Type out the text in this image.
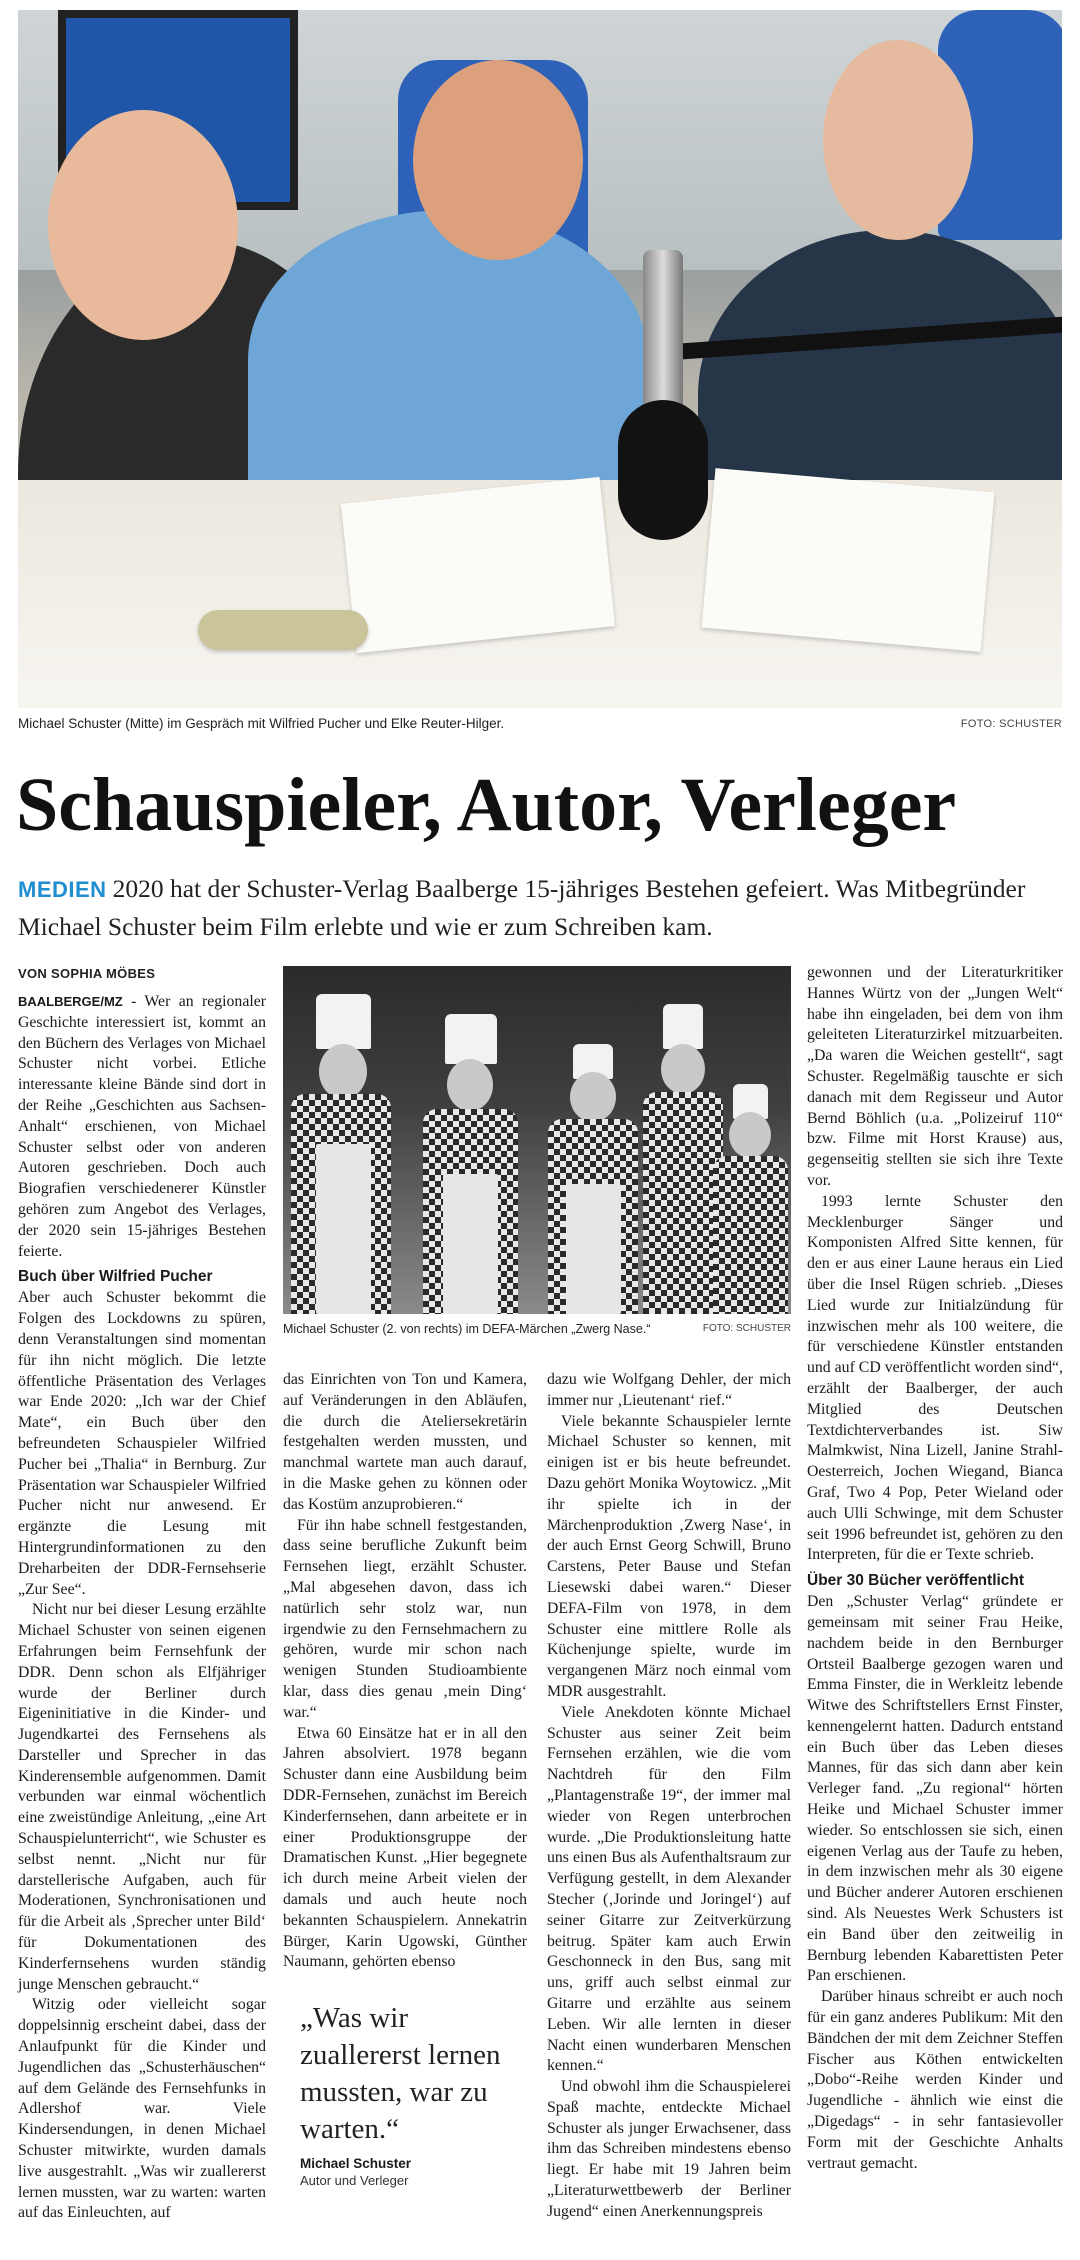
Michael Schuster (Mitte) im Gespräch mit Wilfried Pucher und Elke Reuter-Hilger.	FOTO: SCHUSTER
Schauspieler, Autor, Verleger
MEDIEN 2020 hat der Schuster-Verlag Baalberge 15-jähriges Bestehen gefeiert. Was Mitbegründer Michael Schuster beim Film erlebte und wie er zum Schreiben kam.
VON SOPHIA MÖBES

BAALBERGE/MZ - Wer an regionaler Geschichte interessiert ist, kommt an den Büchern des Verlages von Michael Schuster nicht vorbei. Etliche interessante kleine Bände sind dort in der Reihe „Geschichten aus Sachsen-Anhalt“ erschienen, von Michael Schuster selbst oder von anderen Autoren geschrieben. Doch auch Biografien verschiedenerer Künstler gehören zum Angebot des Verlages, der 2020 sein 15-jähriges Bestehen feierte.

Buch über Wilfried Pucher

Aber auch Schuster bekommt die Folgen des Lockdowns zu spüren, denn Veranstaltungen sind momentan für ihn nicht möglich. Die letzte öffentliche Präsentation des Verlages war Ende 2020: „Ich war der Chief Mate“, ein Buch über den befreundeten Schauspieler Wilfried Pucher bei „Thalia“ in Bernburg. Zur Präsentation war Schauspieler Wilfried Pucher nicht nur anwesend. Er ergänzte die Lesung mit Hintergrundinformationen zu den Dreharbeiten der DDR-Fernsehserie „Zur See“.

Nicht nur bei dieser Lesung erzählte Michael Schuster von seinen eigenen Erfahrungen beim Fernsehfunk der DDR. Denn schon als Elfjähriger wurde der Berliner durch Eigeninitiative in die Kinder- und Jugendkartei des Fernsehens als Darsteller und Sprecher in das Kinderensemble aufgenommen. Damit verbunden war einmal wöchentlich eine zweistündige Anleitung, „eine Art Schauspielunterricht“, wie Schuster es selbst nennt. „Nicht nur für darstellerische Aufgaben, auch für Moderationen, Synchronisationen und für die Arbeit als ‚Sprecher unter Bild‘ für Dokumentationen des Kinderfernsehens wurden ständig junge Menschen gebraucht.“

Witzig oder vielleicht sogar doppelsinnig erscheint dabei, dass der Anlaufpunkt für die Kinder und Jugendlichen das „Schusterhäuschen“ auf dem Gelände des Fernsehfunks in Adlershof war. Viele Kindersendungen, in denen Michael Schuster mitwirkte, wurden damals live ausgestrahlt. „Was wir zuallererst lernen mussten, war zu warten: warten auf das Einleuchten, auf

Michael Schuster (2. von rechts) im DEFA-Märchen „Zwerg Nase.“	FOTO: SCHUSTER

das Einrichten von Ton und Kamera, auf Veränderungen in den Abläufen, die durch die Ateliersekretärin festgehalten werden mussten, und manchmal wartete man auch darauf, in die Maske gehen zu können oder das Kostüm anzuprobieren.“

Für ihn habe schnell festgestanden, dass seine berufliche Zukunft beim Fernsehen liegt, erzählt Schuster. „Mal abgesehen davon, dass ich natürlich sehr stolz war, nun irgendwie zu den Fernsehmachern zu gehören, wurde mir schon nach wenigen Stunden Studioambiente klar, dass dies genau ‚mein Ding‘ war.“

Etwa 60 Einsätze hat er in all den Jahren absolviert. 1978 begann Schuster dann eine Ausbildung beim DDR-Fernsehen, zunächst im Bereich Kinderfernsehen, dann arbeitete er in einer Produktionsgruppe der Dramatischen Kunst. „Hier begegnete ich durch meine Arbeit vielen der damals und auch heute noch bekannten Schauspielern. Annekatrin Bürger, Karin Ugowski, Günther Naumann, gehörten ebenso

„Was wir zuallererst lernen mussten, war zu warten.“
Michael Schuster
Autor und Verleger

dazu wie Wolfgang Dehler, der mich immer nur ‚Lieutenant‘ rief.“

Viele bekannte Schauspieler lernte Michael Schuster so kennen, mit einigen ist er bis heute befreundet. Dazu gehört Monika Woytowicz. „Mit ihr spielte ich in der Märchenproduktion ‚Zwerg Nase‘, in der auch Ernst Georg Schwill, Bruno Carstens, Peter Bause und Stefan Liesewski dabei waren.“ Dieser DEFA-Film von 1978, in dem Schuster eine mittlere Rolle als Küchenjunge spielte, wurde im vergangenen März noch einmal vom MDR ausgestrahlt.

Viele Anekdoten könnte Michael Schuster aus seiner Zeit beim Fernsehen erzählen, wie die vom Nachtdreh für den Film „Plantagenstraße 19“, der immer mal wieder von Regen unterbrochen wurde. „Die Produktionsleitung hatte uns einen Bus als Aufenthaltsraum zur Verfügung gestellt, in dem Alexander Stecher (‚Jorinde und Joringel‘) auf seiner Gitarre zur Zeitverkürzung beitrug. Später kam auch Erwin Geschonneck in den Bus, sang mit uns, griff auch selbst einmal zur Gitarre und erzählte aus seinem Leben. Wir alle lernten in dieser Nacht einen wunderbaren Menschen kennen.“

Und obwohl ihm die Schauspielerei Spaß machte, entdeckte Michael Schuster als junger Erwachsener, dass ihm das Schreiben mindestens ebenso liegt. Er habe mit 19 Jahren beim „Literaturwettbewerb der Berliner Jugend“ einen Anerkennungspreis

gewonnen und der Literaturkritiker Hannes Würtz von der „Jungen Welt“ habe ihn eingeladen, bei dem von ihm geleiteten Literaturzirkel mitzuarbeiten. „Da waren die Weichen gestellt“, sagt Schuster. Regelmäßig tauschte er sich danach mit dem Regisseur und Autor Bernd Böhlich (u.a. „Polizeiruf 110“ bzw. Filme mit Horst Krause) aus, gegenseitig stellten sie sich ihre Texte vor.

1993 lernte Schuster den Mecklenburger Sänger und Komponisten Alfred Sitte kennen, für den er aus einer Laune heraus ein Lied über die Insel Rügen schrieb. „Dieses Lied wurde zur Initialzündung für inzwischen mehr als 100 weitere, die für verschiedene Künstler entstanden und auf CD veröffentlicht worden sind“, erzählt der Baalberger, der auch Mitglied des Deutschen Textdichterverbandes ist. Siw Malmkwist, Nina Lizell, Janine Strahl-Oesterreich, Jochen Wiegand, Bianca Graf, Two 4 Pop, Peter Wieland oder auch Ulli Schwinge, mit dem Schuster seit 1996 befreundet ist, gehören zu den Interpreten, für die er Texte schrieb.

Über 30 Bücher veröffentlicht

Den „Schuster Verlag“ gründete er gemeinsam mit seiner Frau Heike, nachdem beide in den Bernburger Ortsteil Baalberge gezogen waren und Emma Finster, die in Werkleitz lebende Witwe des Schriftstellers Ernst Finster, kennengelernt hatten. Dadurch entstand ein Buch über das Leben dieses Mannes, für das sich dann aber kein Verleger fand. „Zu regional“ hörten Heike und Michael Schuster immer wieder. So entschlossen sie sich, einen eigenen Verlag aus der Taufe zu heben, in dem inzwischen mehr als 30 eigene und Bücher anderer Autoren erschienen sind. Als Neuestes Werk Schusters ist ein Band über den zeitweilig in Bernburg lebenden Kabarettisten Peter Pan erschienen.

Darüber hinaus schreibt er auch noch für ein ganz anderes Publikum: Mit den Bändchen der mit dem Zeichner Steffen Fischer aus Köthen entwickelten „Dobo“-Reihe werden Kinder und Jugendliche - ähnlich wie einst die „Digedags“ - in sehr fantasievoller Form mit der Geschichte Anhalts vertraut gemacht.
